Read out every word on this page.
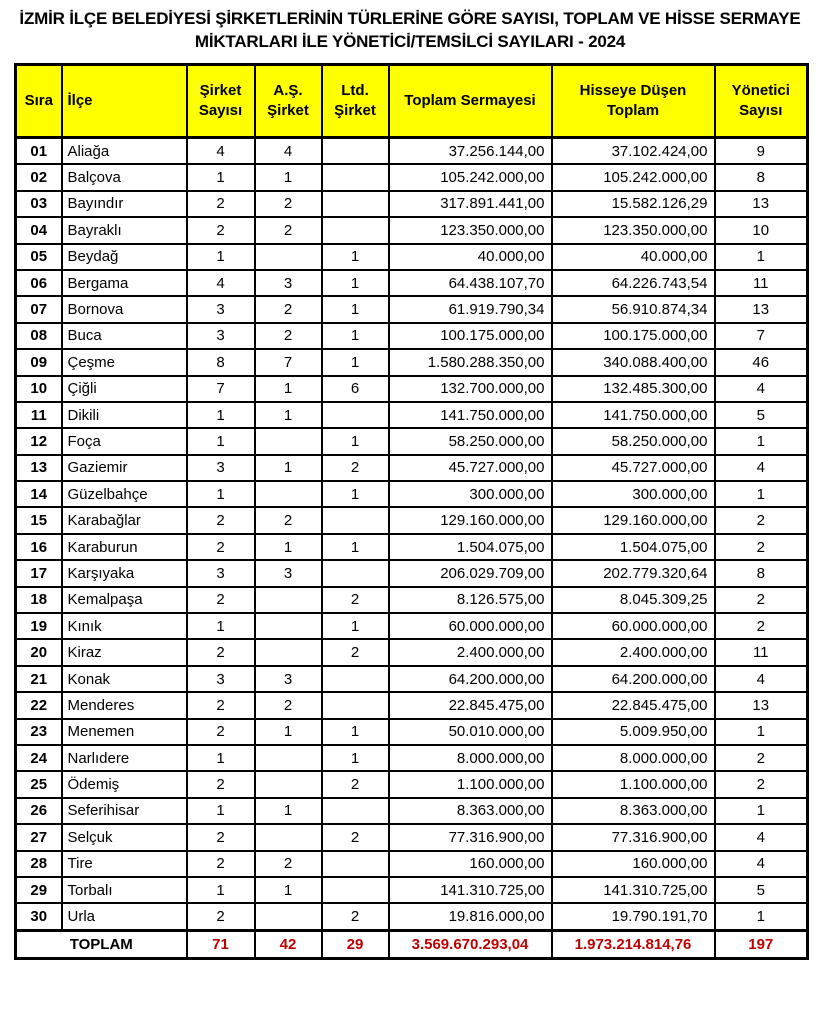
İZMİR İLÇE BELEDİYESİ ŞİRKETLERİNİN TÜRLERİNE GÖRE SAYISI, TOPLAM VE HİSSE SERMAYE
MİKTARLARI İLE YÖNETİCİ/TEMSİLCİ SAYILARI - 2024
Sıra	İlçe	Şirket Sayısı	A.Ş. Şirket	Ltd. Şirket	Toplam Sermayesi	Hisseye Düşen Toplam	Yönetici Sayısı
01	Aliağa	4	4		37.256.144,00	37.102.424,00	9
02	Balçova	1	1		105.242.000,00	105.242.000,00	8
03	Bayındır	2	2		317.891.441,00	15.582.126,29	13
04	Bayraklı	2	2		123.350.000,00	123.350.000,00	10
05	Beydağ	1		1	40.000,00	40.000,00	1
06	Bergama	4	3	1	64.438.107,70	64.226.743,54	11
07	Bornova	3	2	1	61.919.790,34	56.910.874,34	13
08	Buca	3	2	1	100.175.000,00	100.175.000,00	7
09	Çeşme	8	7	1	1.580.288.350,00	340.088.400,00	46
10	Çiğli	7	1	6	132.700.000,00	132.485.300,00	4
11	Dikili	1	1		141.750.000,00	141.750.000,00	5
12	Foça	1		1	58.250.000,00	58.250.000,00	1
13	Gaziemir	3	1	2	45.727.000,00	45.727.000,00	4
14	Güzelbahçe	1		1	300.000,00	300.000,00	1
15	Karabağlar	2	2		129.160.000,00	129.160.000,00	2
16	Karaburun	2	1	1	1.504.075,00	1.504.075,00	2
17	Karşıyaka	3	3		206.029.709,00	202.779.320,64	8
18	Kemalpaşa	2		2	8.126.575,00	8.045.309,25	2
19	Kınık	1		1	60.000.000,00	60.000.000,00	2
20	Kiraz	2		2	2.400.000,00	2.400.000,00	11
21	Konak	3	3		64.200.000,00	64.200.000,00	4
22	Menderes	2	2		22.845.475,00	22.845.475,00	13
23	Menemen	2	1	1	50.010.000,00	5.009.950,00	1
24	Narlıdere	1		1	8.000.000,00	8.000.000,00	2
25	Ödemiş	2		2	1.100.000,00	1.100.000,00	2
26	Seferihisar	1	1		8.363.000,00	8.363.000,00	1
27	Selçuk	2		2	77.316.900,00	77.316.900,00	4
28	Tire	2	2		160.000,00	160.000,00	4
29	Torbalı	1	1		141.310.725,00	141.310.725,00	5
30	Urla	2		2	19.816.000,00	19.790.191,70	1
TOPLAM		71	42	29	3.569.670.293,04	1.973.214.814,76	197
